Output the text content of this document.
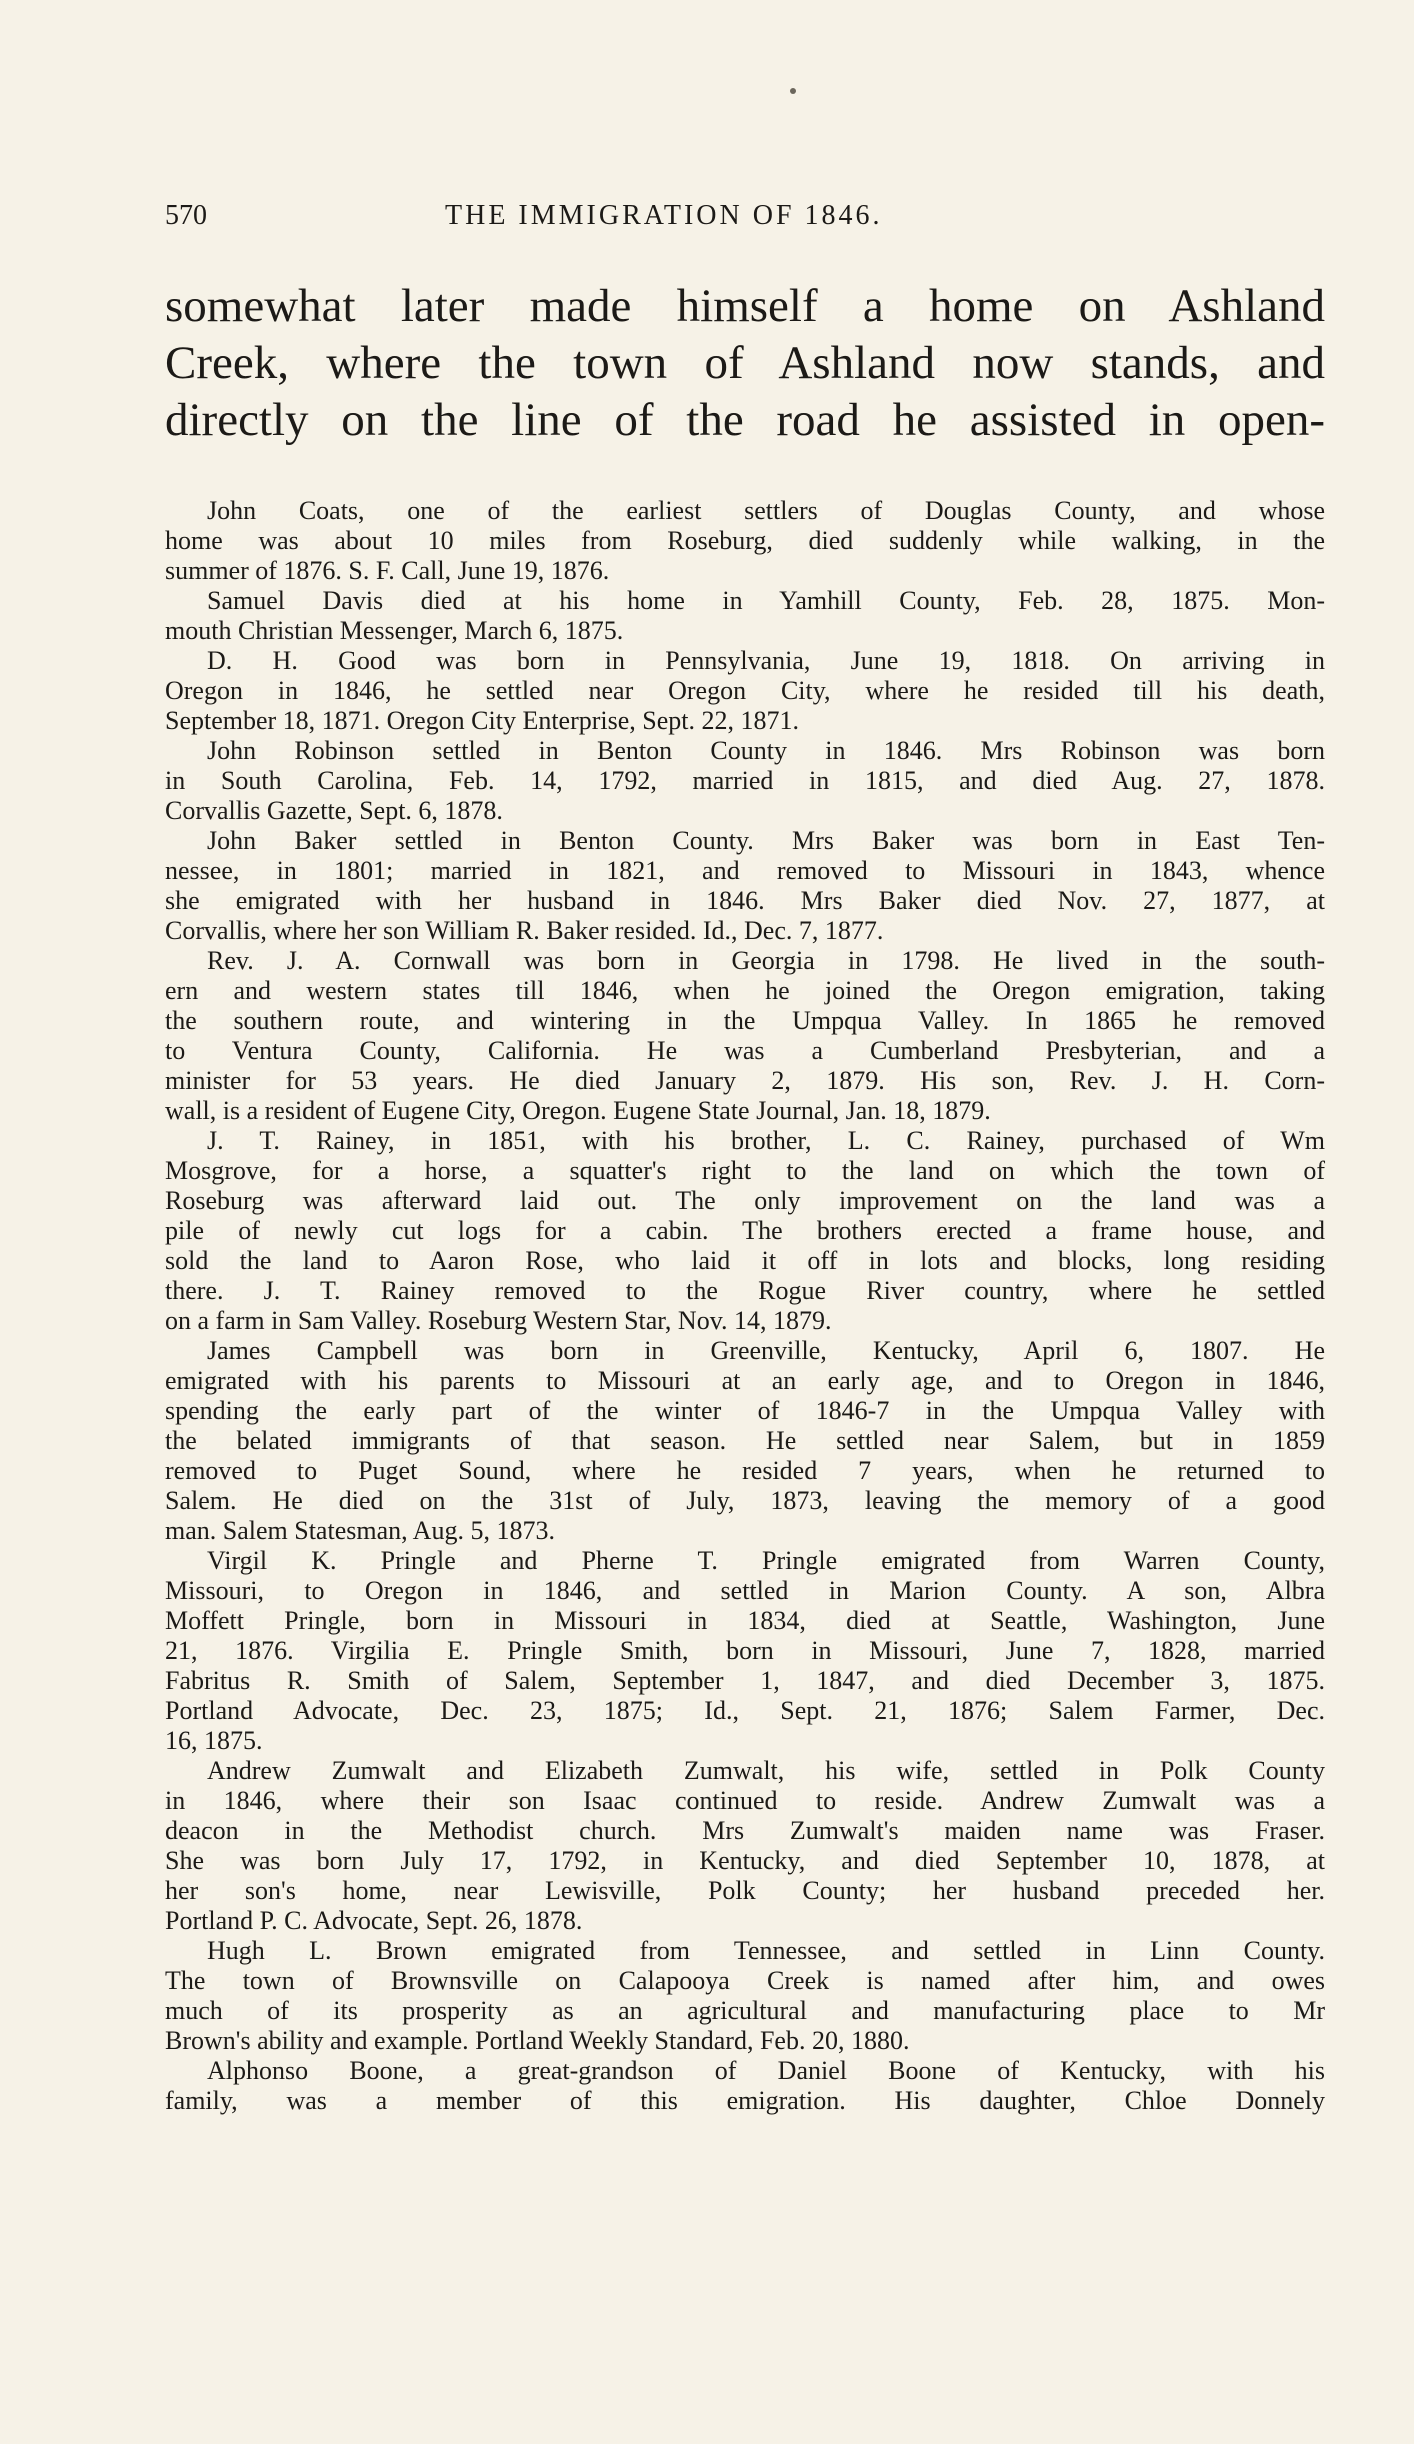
570	THE IMMIGRATION OF 1846.
somewhat later made himself a home on Ashland
Creek, where the town of Ashland now stands, and
directly on the line of the road he assisted in open-
John Coats, one of the earliest settlers of Douglas County, and whose
home was about 10 miles from Roseburg, died suddenly while walking, in the
summer of 1876. S. F. Call, June 19, 1876.
Samuel Davis died at his home in Yamhill County, Feb. 28, 1875. Mon-
mouth Christian Messenger, March 6, 1875.
D. H. Good was born in Pennsylvania, June 19, 1818. On arriving in
Oregon in 1846, he settled near Oregon City, where he resided till his death,
September 18, 1871. Oregon City Enterprise, Sept. 22, 1871.
John Robinson settled in Benton County in 1846. Mrs Robinson was born
in South Carolina, Feb. 14, 1792, married in 1815, and died Aug. 27, 1878.
Corvallis Gazette, Sept. 6, 1878.
John Baker settled in Benton County. Mrs Baker was born in East Ten-
nessee, in 1801; married in 1821, and removed to Missouri in 1843, whence
she emigrated with her husband in 1846. Mrs Baker died Nov. 27, 1877, at
Corvallis, where her son William R. Baker resided. Id., Dec. 7, 1877.
Rev. J. A. Cornwall was born in Georgia in 1798. He lived in the south-
ern and western states till 1846, when he joined the Oregon emigration, taking
the southern route, and wintering in the Umpqua Valley. In 1865 he removed
to Ventura County, California. He was a Cumberland Presbyterian, and a
minister for 53 years. He died January 2, 1879. His son, Rev. J. H. Corn-
wall, is a resident of Eugene City, Oregon. Eugene State Journal, Jan. 18, 1879.
J. T. Rainey, in 1851, with his brother, L. C. Rainey, purchased of Wm
Mosgrove, for a horse, a squatter's right to the land on which the town of
Roseburg was afterward laid out. The only improvement on the land was a
pile of newly cut logs for a cabin. The brothers erected a frame house, and
sold the land to Aaron Rose, who laid it off in lots and blocks, long residing
there. J. T. Rainey removed to the Rogue River country, where he settled
on a farm in Sam Valley. Roseburg Western Star, Nov. 14, 1879.
James Campbell was born in Greenville, Kentucky, April 6, 1807. He
emigrated with his parents to Missouri at an early age, and to Oregon in 1846,
spending the early part of the winter of 1846-7 in the Umpqua Valley with
the belated immigrants of that season. He settled near Salem, but in 1859
removed to Puget Sound, where he resided 7 years, when he returned to
Salem. He died on the 31st of July, 1873, leaving the memory of a good
man. Salem Statesman, Aug. 5, 1873.
Virgil K. Pringle and Pherne T. Pringle emigrated from Warren County,
Missouri, to Oregon in 1846, and settled in Marion County. A son, Albra
Moffett Pringle, born in Missouri in 1834, died at Seattle, Washington, June
21, 1876. Virgilia E. Pringle Smith, born in Missouri, June 7, 1828, married
Fabritus R. Smith of Salem, September 1, 1847, and died December 3, 1875.
Portland Advocate, Dec. 23, 1875; Id., Sept. 21, 1876; Salem Farmer, Dec.
16, 1875.
Andrew Zumwalt and Elizabeth Zumwalt, his wife, settled in Polk County
in 1846, where their son Isaac continued to reside. Andrew Zumwalt was a
deacon in the Methodist church. Mrs Zumwalt's maiden name was Fraser.
She was born July 17, 1792, in Kentucky, and died September 10, 1878, at
her son's home, near Lewisville, Polk County; her husband preceded her.
Portland P. C. Advocate, Sept. 26, 1878.
Hugh L. Brown emigrated from Tennessee, and settled in Linn County.
The town of Brownsville on Calapooya Creek is named after him, and owes
much of its prosperity as an agricultural and manufacturing place to Mr
Brown's ability and example. Portland Weekly Standard, Feb. 20, 1880.
Alphonso Boone, a great-grandson of Daniel Boone of Kentucky, with his
family, was a member of this emigration. His daughter, Chloe Donnely
